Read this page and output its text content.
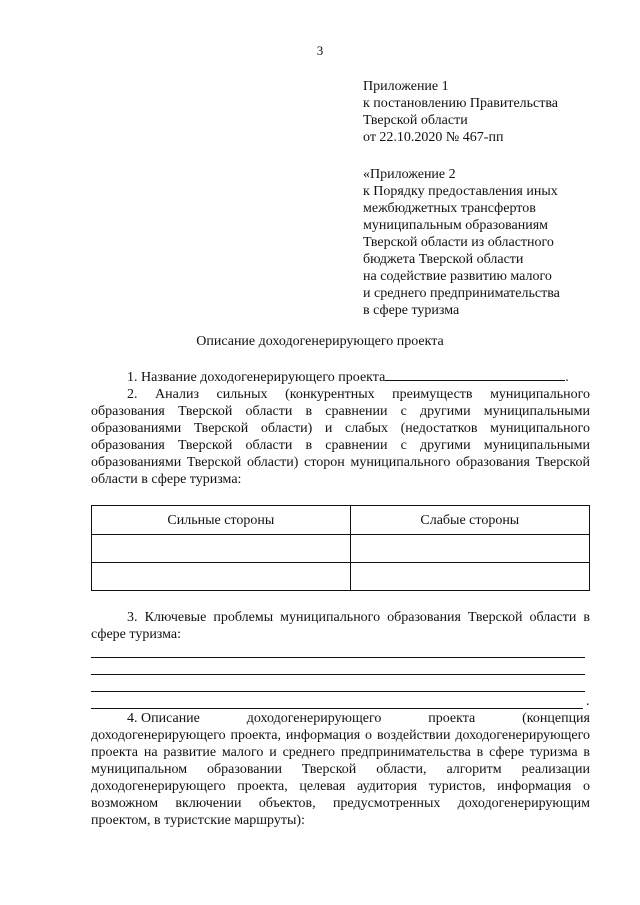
3
Приложение 1
к постановлению Правительства
Тверской области
от 22.10.2020 № 467-пп
«Приложение 2
к Порядку предоставления иных
межбюджетных трансфертов
муниципальным образованиям
Тверской области из областного
бюджета Тверской области
на содействие развитию малого
и среднего предпринимательства
в сфере туризма
Описание доходогенерирующего проекта
1. Название доходогенерирующего проекта	.
2. Анализ сильных (конкурентных преимуществ муниципального образования Тверской области в сравнении с другими муниципальными образованиями Тверской области) и слабых (недостатков муниципального образования Тверской области в сравнении с другими муниципальными образованиями Тверской области) сторон муниципального образования Тверской области в сфере туризма:
Сильные стороны	Слабые стороны

3. Ключевые проблемы муниципального образования Тверской области в сфере туризма:
.
4. Описание	доходогенерирующего	проекта	(концепция
доходогенерирующего проекта, информация о воздействии доходогенерирующего проекта на развитие малого и среднего предпринимательства в сфере туризма в муниципальном образовании Тверской области, алгоритм реализации доходогенерирующего проекта, целевая аудитория туристов, информация о возможном включении объектов, предусмотренных доходогенерирующим проектом, в туристские маршруты):
